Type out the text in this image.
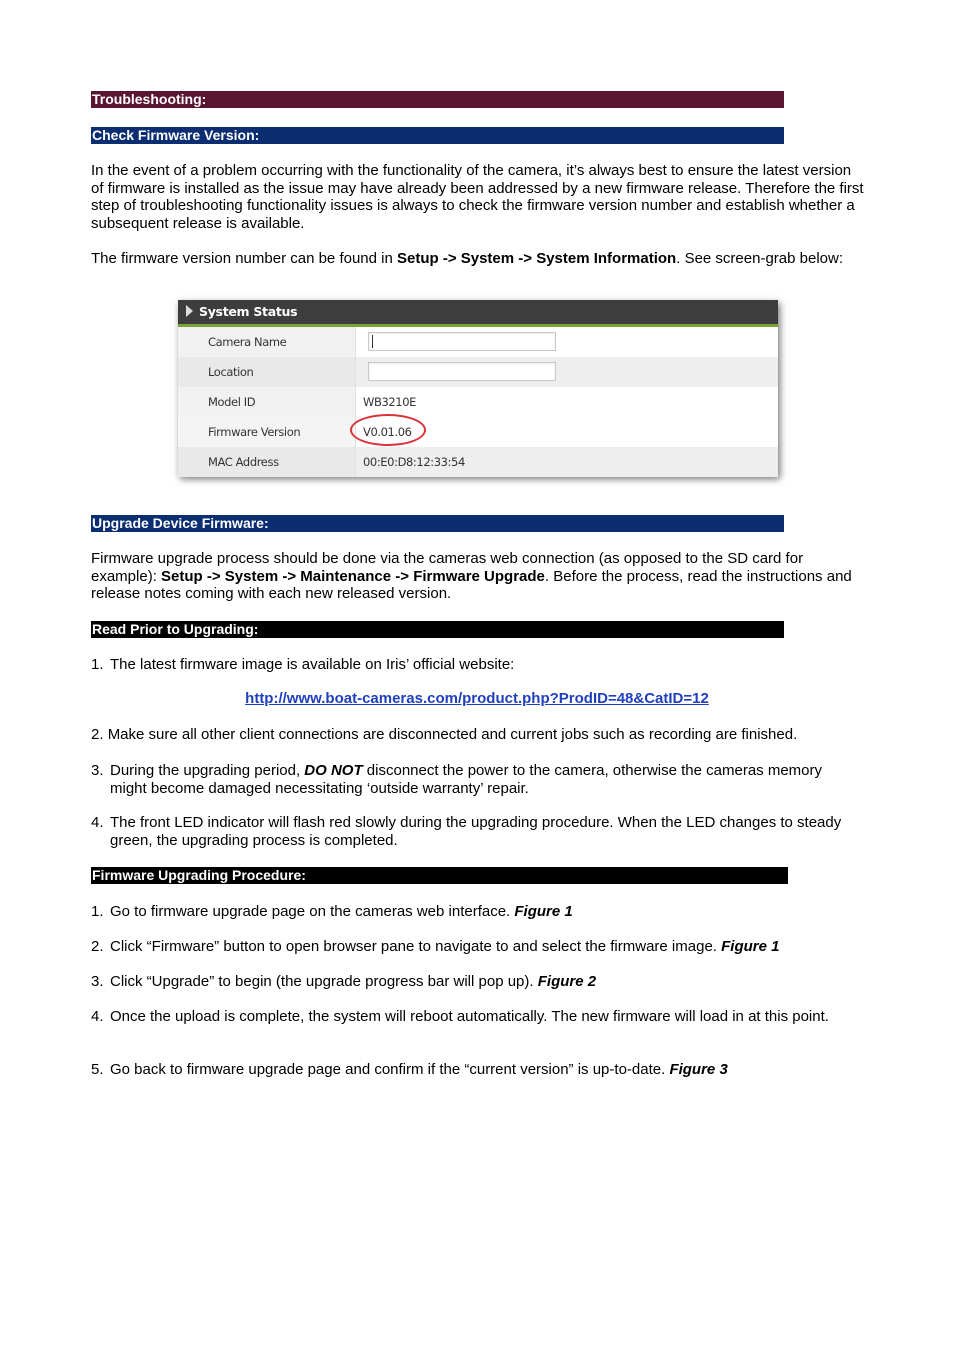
Troubleshooting:
Check Firmware Version:

In the event of a problem occurring with the functionality of the camera, it’s always best to ensure the latest version of firmware is installed as the issue may have already been addressed by a new firmware release. Therefore the first step of troubleshooting functionality issues is always to check the firmware version number and establish whether a subsequent release is available.

The firmware version number can be found in Setup -> System -> System Information. See screen-grab below:

System Status
Camera Name
Location
Model ID	WB3210E
Firmware Version	V0.01.06
MAC Address	00:E0:D8:12:33:54
Upgrade Device Firmware:

Firmware upgrade process should be done via the cameras web connection (as opposed to the SD card for example): Setup -> System -> Maintenance -> Firmware Upgrade. Before the process, read the instructions and release notes coming with each new released version.

Read Prior to Upgrading:
1. The latest firmware image is available on Iris’ official website:
http://www.boat-cameras.com/product.php?ProdID=48&CatID=12
2. Make sure all other client connections are disconnected and current jobs such as recording are finished.
3. During the upgrading period, DO NOT disconnect the power to the camera, otherwise the cameras memory might become damaged necessitating ‘outside warranty’ repair.
4. The front LED indicator will flash red slowly during the upgrading procedure. When the LED changes to steady green, the upgrading process is completed.
Firmware Upgrading Procedure:
1. Go to firmware upgrade page on the cameras web interface. Figure 1
2. Click “Firmware” button to open browser pane to navigate to and select the firmware image. Figure 1
3. Click “Upgrade” to begin (the upgrade progress bar will pop up). Figure 2
4. Once the upload is complete, the system will reboot automatically. The new firmware will load in at this point.
5. Go back to firmware upgrade page and confirm if the “current version” is up-to-date. Figure 3
